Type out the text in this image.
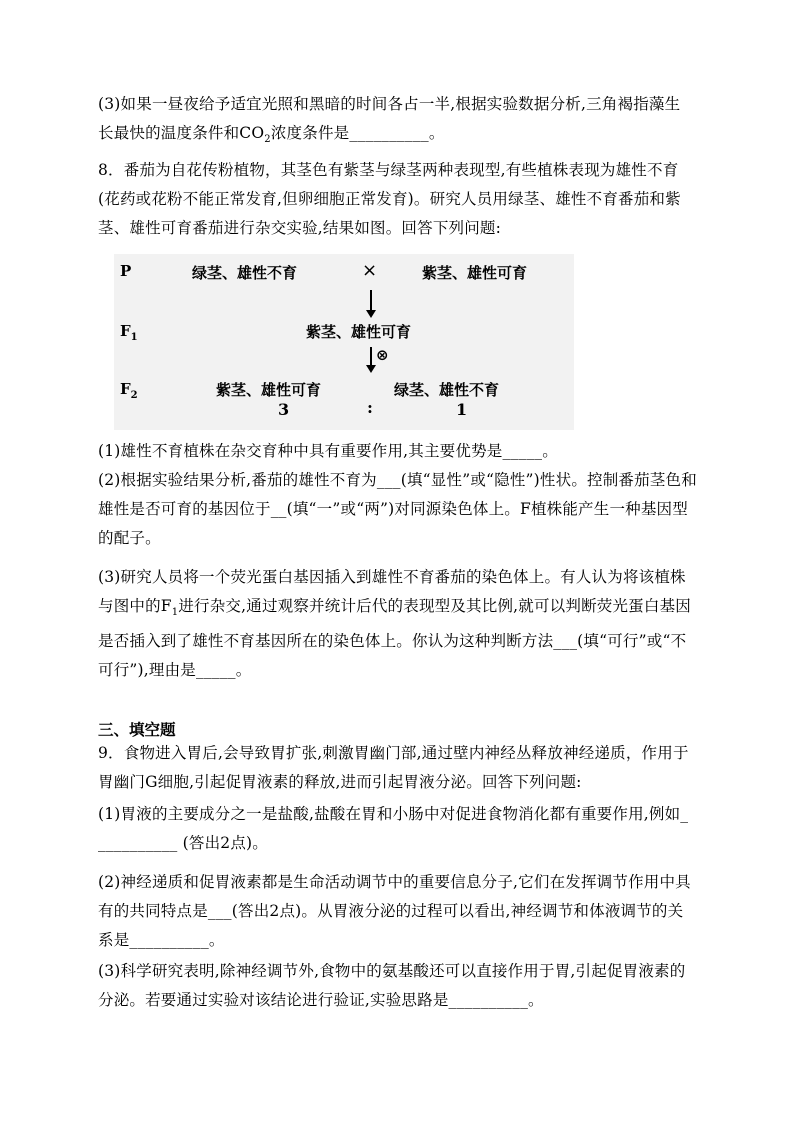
(3)如果一昼夜给予适宜光照和黑暗的时间各占一半,根据实验数据分析,三角褐指藻生
长最快的温度条件和$CO_2$浓度条件是__________。
8．番茄为自花传粉植物，其茎色有紫茎与绿茎两种表现型,有些植株表现为雄性不育(花药或花粉不能正常发育,但卵细胞正常发育)。研究人员用绿茎、雄性不育番茄和紫茎、雄性可育番茄进行杂交实验,结果如图。回答下列问题:
P	绿茎、雄性不育	×	紫茎、雄性可育
$F_1$	紫茎、雄性可育
⊗
$F_2$	紫茎、雄性可育	绿茎、雄性不育
3	:	1
(1)雄性不育植株在杂交育种中具有重要作用,其主要优势是_____。
(2)根据实验结果分析,番茄的雄性不育为___(填“显性”或“隐性”)性状。控制番茄茎色和雄性是否可育的基因位于__(填“一”或“两”)对同源染色体上。F植株能产生一种基因型的配子。
(3)研究人员将一个荧光蛋白基因插入到雄性不育番茄的染色体上。有人认为将该植株与图中的$F_1$进行杂交,通过观察并统计后代的表现型及其比例,就可以判断荧光蛋白基因是否插入到了雄性不育基因所在的染色体上。你认为这种判断方法___(填“可行”或“不可行”),理由是_____。
三、填空题
9．食物进入胃后,会导致胃扩张,刺激胃幽门部,通过壁内神经丛释放神经递质，作用于胃幽门G细胞,引起促胃液素的释放,进而引起胃液分泌。回答下列问题:
(1)胃液的主要成分之一是盐酸,盐酸在胃和小肠中对促进食物消化都有重要作用,例如_ __________ (答出2点)。
(2)神经递质和促胃液素都是生命活动调节中的重要信息分子,它们在发挥调节作用中具有的共同特点是___(答出2点)。从胃液分泌的过程可以看出,神经调节和体液调节的关系是__________。
(3)科学研究表明,除神经调节外,食物中的氨基酸还可以直接作用于胃,引起促胃液素的分泌。若要通过实验对该结论进行验证,实验思路是__________。
